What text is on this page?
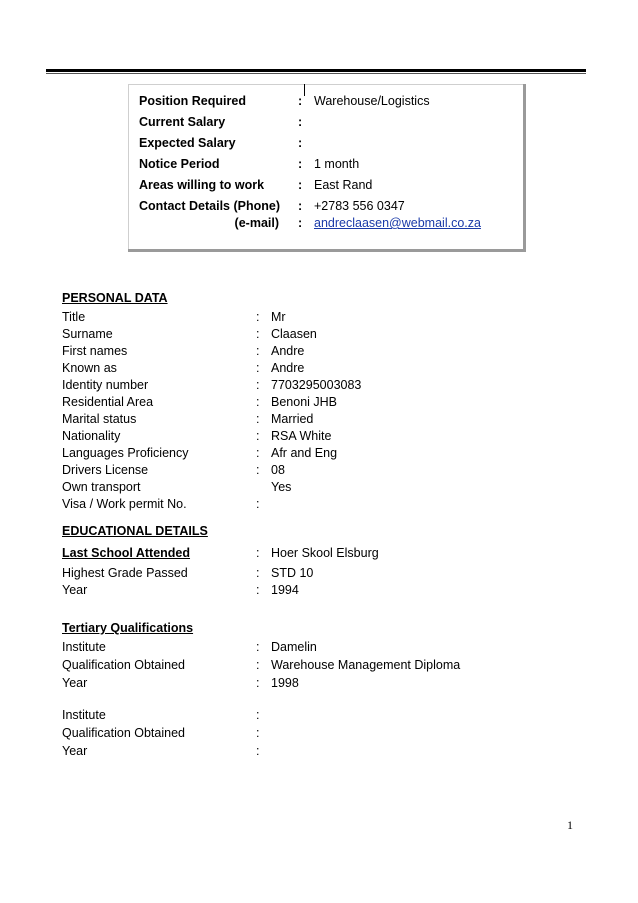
Position Required	: Warehouse/Logistics
Current Salary	:
Expected Salary	:
Notice Period	: 1 month
Areas willing to work	: East Rand
Contact Details (Phone) : +2783 556 0347
(e-mail) : andreclaasen@webmail.co.za
PERSONAL DATA
Title	: Mr
Surname	: Claasen
First names	: Andre
Known as	: Andre
Identity number	: 7703295003083
Residential Area	: Benoni JHB
Marital status	: Married
Nationality	: RSA White
Languages Proficiency	: Afr and Eng
Drivers License	: 08
Own transport	Yes
Visa / Work permit No.	:
EDUCATIONAL DETAILS
Last School Attended	: Hoer Skool Elsburg
Highest Grade Passed	: STD 10
Year	: 1994
Tertiary Qualifications
Institute	: Damelin
Qualification Obtained	: Warehouse Management Diploma
Year	: 1998
Institute	:
Qualification Obtained	:
Year	:
1
